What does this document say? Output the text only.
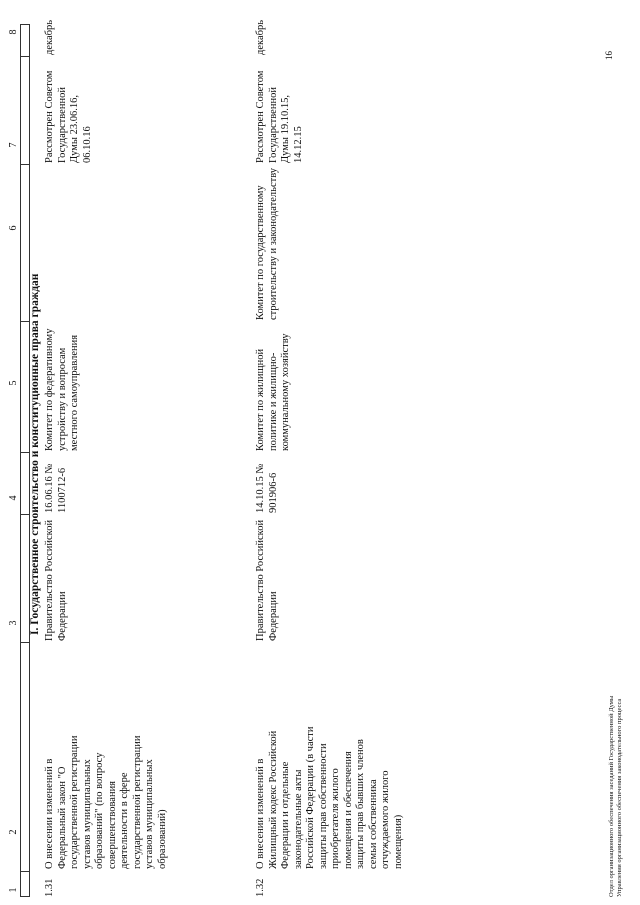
1
2
3
4
5
6
7
8
I. Государственное строительство и конституционные права граждан
1.31
О внесении изменений в Федеральный закон "О государственной регистрации уставов муниципальных образований" (по вопросу совершенствования деятельности в сфере государственной регистрации уставов муниципальных образований)
Правительство Российской Федерации
16.06.16 № 1100712-6
Комитет по федеративному устройству и вопросам местного самоуправления
Рассмотрен Советом Государственной Думы 23.06.16, 06.10.16
декабрь
1.32
О внесении изменений в Жилищный кодекс Российской Федерации и отдельные законодательные акты Российской Федерации (в части защиты прав собственности приобретателя жилого помещения и обеспечения защиты прав бывших членов семьи собственника отчуждаемого жилого помещения)
Правительство Российской Федерации
14.10.15 № 901906-6
Комитет по жилищной политике и жилищно-коммунальному хозяйству
Комитет по государственному строительству и законодательству
Рассмотрен Советом Государственной Думы 19.10.15, 14.12.15
декабрь
Отдел организационного обеспечения заседаний Государственной Думы Управления организационного обеспечения законодательного процесса
16
